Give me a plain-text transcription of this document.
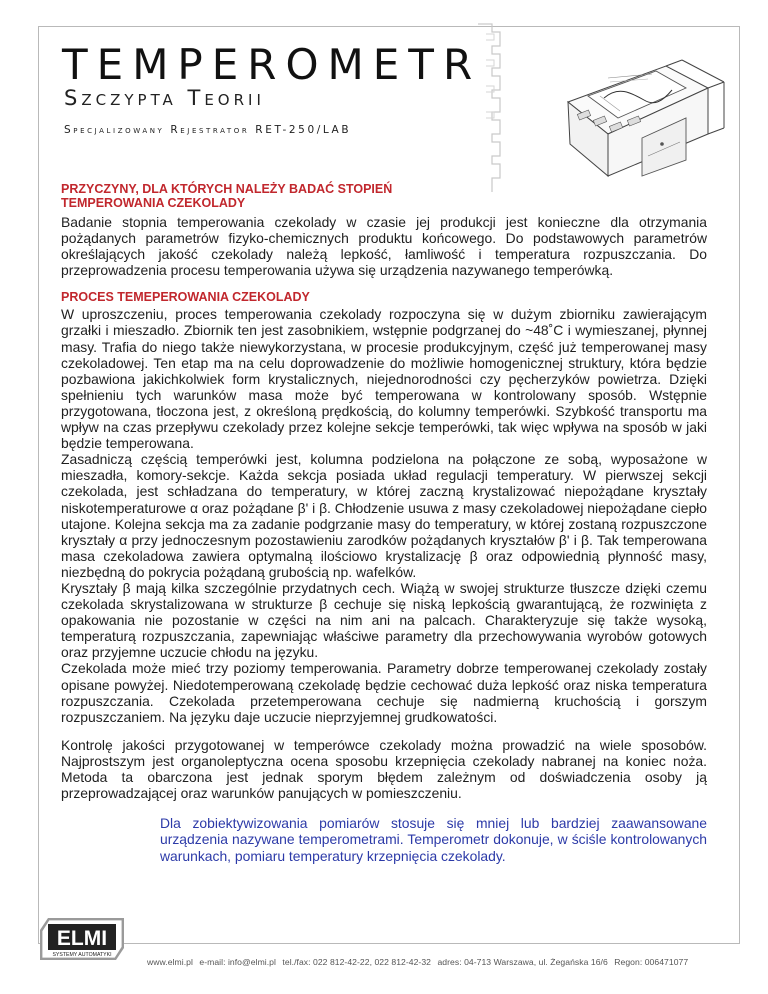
TEMPEROMETR
Szczypta Teorii
Specjalizowany Rejestrator RET-250/LAB

PRZYCZYNY, DLA KTÓRYCH NALEŻY BADAĆ STOPIEŃ
TEMPEROWANIA CZEKOLADY

Badanie stopnia temperowania czekolady w czasie jej produkcji jest konieczne dla otrzymania pożądanych parametrów fizyko-chemicznych produktu końcowego. Do podstawowych parametrów określających jakość czekolady należą lepkość, łamliwość i temperatura rozpuszczania. Do przeprowadzenia procesu temperowania używa się urządzenia nazywanego temperówką.

PROCES TEMEPEROWANIA CZEKOLADY

W uproszczeniu, proces temperowania czekolady rozpoczyna się w dużym zbiorniku zawierającym grzałki i mieszadło. Zbiornik ten jest zasobnikiem, wstępnie podgrzanej do ~48˚C i wymieszanej, płynnej masy. Trafia do niego także niewykorzystana, w procesie produkcyjnym, część już temperowanej masy czekoladowej. Ten etap ma na celu doprowadzenie do możliwie homogenicznej struktury, która będzie pozbawiona jakichkolwiek form krystalicznych, niejednorodności czy pęcherzyków powietrza. Dzięki spełnieniu tych warunków masa może być temperowana w kontrolowany sposób. Wstępnie przygotowana, tłoczona jest, z określoną prędkością, do kolumny temperówki. Szybkość transportu ma wpływ na czas przepływu czekolady przez kolejne sekcje temperówki, tak więc wpływa na sposób w jaki będzie temperowana.

Zasadniczą częścią temperówki jest, kolumna podzielona na połączone ze sobą, wyposażone w mieszadła, komory-sekcje. Każda sekcja posiada układ regulacji temperatury. W pierwszej sekcji czekolada, jest schładzana do temperatury, w której zaczną krystalizować niepożądane kryształy niskotemperaturowe α oraz pożądane β' i β. Chłodzenie usuwa z masy czekoladowej niepożądane ciepło utajone. Kolejna sekcja ma za zadanie podgrzanie masy do temperatury, w której zostaną rozpuszczone kryształy α przy jednoczesnym pozostawieniu zarodków pożądanych kryształów β' i β. Tak temperowana masa czekoladowa zawiera optymalną ilościowo krystalizację β oraz odpowiednią płynność masy, niezbędną do pokrycia pożądaną grubością np. wafelków.

Kryształy β mają kilka szczególnie przydatnych cech. Wiążą w swojej strukturze tłuszcze dzięki czemu czekolada skrystalizowana w strukturze β cechuje się niską lepkością gwarantującą, że rozwinięta z opakowania nie pozostanie w części na nim ani na palcach. Charakteryzuje się także wysoką, temperaturą rozpuszczania, zapewniając właściwe parametry dla przechowywania wyrobów gotowych oraz przyjemne uczucie chłodu na języku.

Czekolada może mieć trzy poziomy temperowania. Parametry dobrze temperowanej czekolady zostały opisane powyżej. Niedotemperowaną czekoladę będzie cechować duża lepkość oraz niska temperatura rozpuszczania. Czekolada przetemperowana cechuje się nadmierną kruchością i gorszym rozpuszczaniem. Na języku daje uczucie nieprzyjemnej grudkowatości.

Kontrolę jakości przygotowanej w temperówce czekolady można prowadzić na wiele sposobów. Najprostszym jest organoleptyczna ocena sposobu krzepnięcia czekolady nabranej na koniec noża. Metoda ta obarczona jest jednak sporym błędem zależnym od doświadczenia osoby ją przeprowadzającej oraz warunków panujących w pomieszczeniu.

Dla zobiektywizowania pomiarów stosuje się mniej lub bardziej zaawansowane urządzenia nazywane temperometrami. Temperometr dokonuje, w ściśle kontrolowanych warunkach, pomiaru temperatury krzepnięcia czekolady.

ELMI
SYSTEMY AUTOMATYKI
www.elmi.pl e-mail: info@elmi.pl tel./fax: 022 812-42-22, 022 812-42-32 adres: 04-713 Warszawa, ul. Żegańska 16/6 Regon: 006471077
